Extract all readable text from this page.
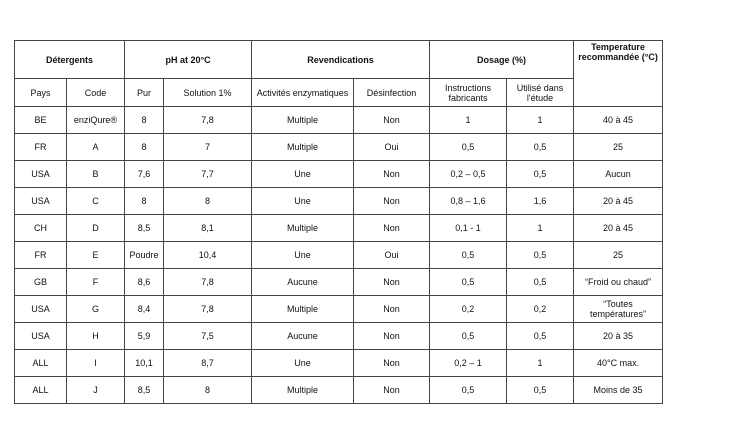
Détergents		pH at 20°C		Revendications		Dosage (%)		Temperature recommandée (°C)
Pays	Code	Pur	Solution 1%	Activités enzymatiques	Désinfection	Instructions fabricants	Utilisé dans l'étude	
BE	enziQure®	8	7,8	Multiple	Non	1	1	40 à 45
FR	A	8	7	Multiple	Oui	0,5	0,5	25
USA	B	7,6	7,7	Une	Non	0,2 – 0,5	0,5	Aucun
USA	C	8	8	Une	Non	0,8 – 1,6	1,6	20 à 45
CH	D	8,5	8,1	Multiple	Non	0,1 - 1	1	20 à 45
FR	E	Poudre	10,4	Une	Oui	0,5	0,5	25
GB	F	8,6	7,8	Aucune	Non	0,5	0,5	“Froid ou chaud”
USA	G	8,4	7,8	Multiple	Non	0,2	0,2	“Toutes températures”
USA	H	5,9	7,5	Aucune	Non	0,5	0,5	20 à 35
ALL	I	10,1	8,7	Une	Non	0,2 – 1	1	40°C max.
ALL	J	8,5	8	Multiple	Non	0,5	0,5	Moins de 35
